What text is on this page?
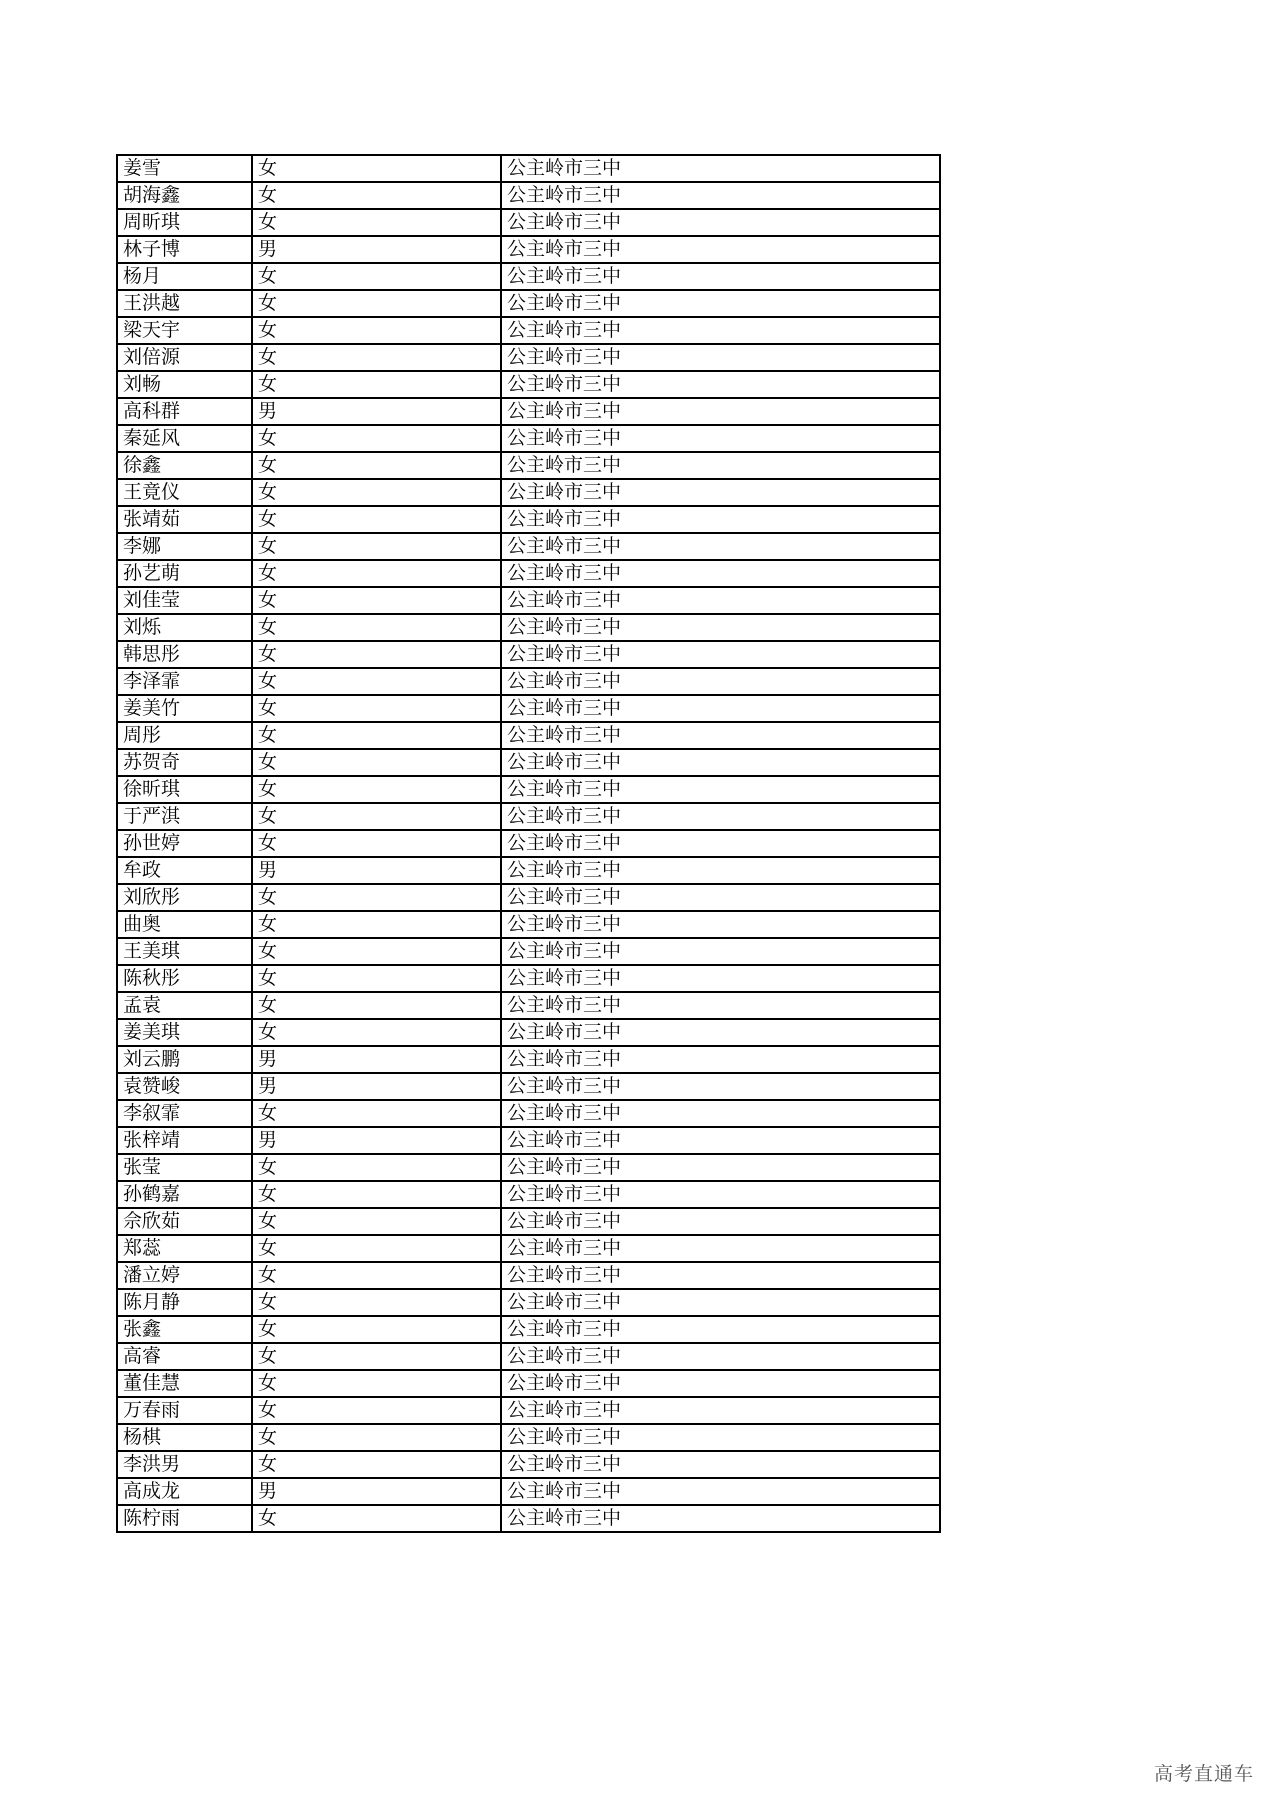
姜雪	女	公主岭市三中
胡海鑫	女	公主岭市三中
周昕琪	女	公主岭市三中
林子博	男	公主岭市三中
杨月	女	公主岭市三中
王洪越	女	公主岭市三中
梁天宇	女	公主岭市三中
刘倍源	女	公主岭市三中
刘畅	女	公主岭市三中
高科群	男	公主岭市三中
秦延风	女	公主岭市三中
徐鑫	女	公主岭市三中
王竟仪	女	公主岭市三中
张靖茹	女	公主岭市三中
李娜	女	公主岭市三中
孙艺萌	女	公主岭市三中
刘佳莹	女	公主岭市三中
刘烁	女	公主岭市三中
韩思彤	女	公主岭市三中
李泽霏	女	公主岭市三中
姜美竹	女	公主岭市三中
周彤	女	公主岭市三中
苏贺奇	女	公主岭市三中
徐昕琪	女	公主岭市三中
于严淇	女	公主岭市三中
孙世婷	女	公主岭市三中
牟政	男	公主岭市三中
刘欣彤	女	公主岭市三中
曲奥	女	公主岭市三中
王美琪	女	公主岭市三中
陈秋彤	女	公主岭市三中
孟袁	女	公主岭市三中
姜美琪	女	公主岭市三中
刘云鹏	男	公主岭市三中
袁赞峻	男	公主岭市三中
李叙霏	女	公主岭市三中
张梓靖	男	公主岭市三中
张莹	女	公主岭市三中
孙鹤嘉	女	公主岭市三中
佘欣茹	女	公主岭市三中
郑蕊	女	公主岭市三中
潘立婷	女	公主岭市三中
陈月静	女	公主岭市三中
张鑫	女	公主岭市三中
高睿	女	公主岭市三中
董佳慧	女	公主岭市三中
万春雨	女	公主岭市三中
杨棋	女	公主岭市三中
李洪男	女	公主岭市三中
高成龙	男	公主岭市三中
陈柠雨	女	公主岭市三中
高考直通车
